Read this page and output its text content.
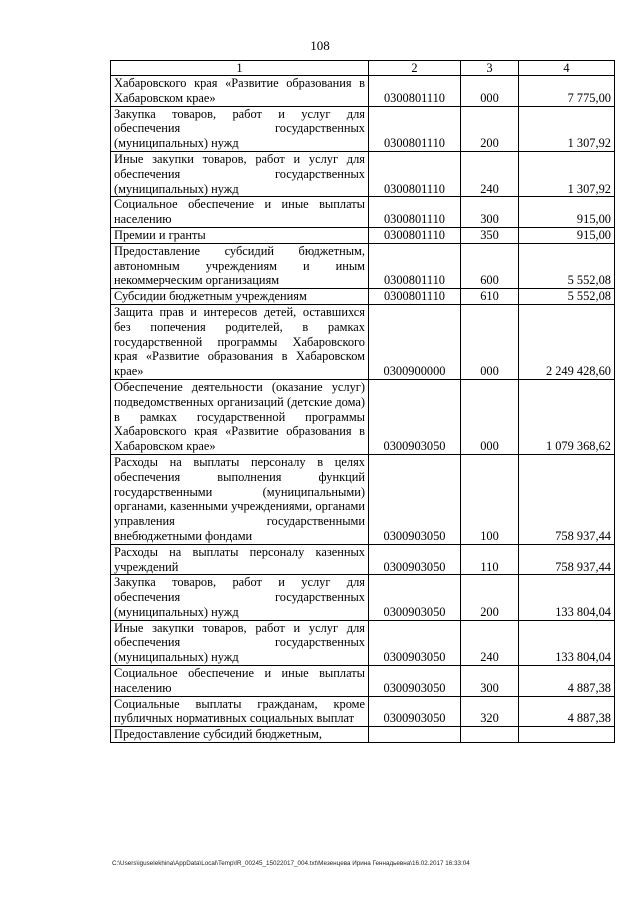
108
1	2	3	4
Хабаровского края «Развитие образования в Хабаровском крае»	0300801110	000	7 775,00
Закупка товаров, работ и услуг для обеспечения государственных (муниципальных) нужд	0300801110	200	1 307,92
Иные закупки товаров, работ и услуг для обеспечения государственных (муниципальных) нужд	0300801110	240	1 307,92
Социальное обеспечение и иные выплаты населению	0300801110	300	915,00
Премии и гранты	0300801110	350	915,00
Предоставление субсидий бюджетным, автономным учреждениям и иным некоммерческим организациям	0300801110	600	5 552,08
Субсидии бюджетным учреждениям	0300801110	610	5 552,08
Защита прав и интересов детей, оставшихся без попечения родителей, в рамках государственной программы Хабаровского края «Развитие образования в Хабаровском крае»	0300900000	000	2 249 428,60
Обеспечение деятельности (оказание услуг) подведомственных организаций (детские дома) в рамках государственной программы Хабаровского края «Развитие образования в Хабаровском крае»	0300903050	000	1 079 368,62
Расходы на выплаты персоналу в целях обеспечения выполнения функций государственными (муниципальными) органами, казенными учреждениями, органами управления государственными внебюджетными фондами	0300903050	100	758 937,44
Расходы на выплаты персоналу казенных учреждений	0300903050	110	758 937,44
Закупка товаров, работ и услуг для обеспечения государственных (муниципальных) нужд	0300903050	200	133 804,04
Иные закупки товаров, работ и услуг для обеспечения государственных (муниципальных) нужд	0300903050	240	133 804,04
Социальное обеспечение и иные выплаты населению	0300903050	300	4 887,38
Социальные выплаты гражданам, кроме публичных нормативных социальных выплат	0300903050	320	4 887,38
Предоставление субсидий бюджетным,			
C:\Users\iguselekhina\AppData\Local\Temp\IR_00245_15022017_004.txt\Мезенцева Ирина Геннадьевна\16.02.2017 16:33:04
